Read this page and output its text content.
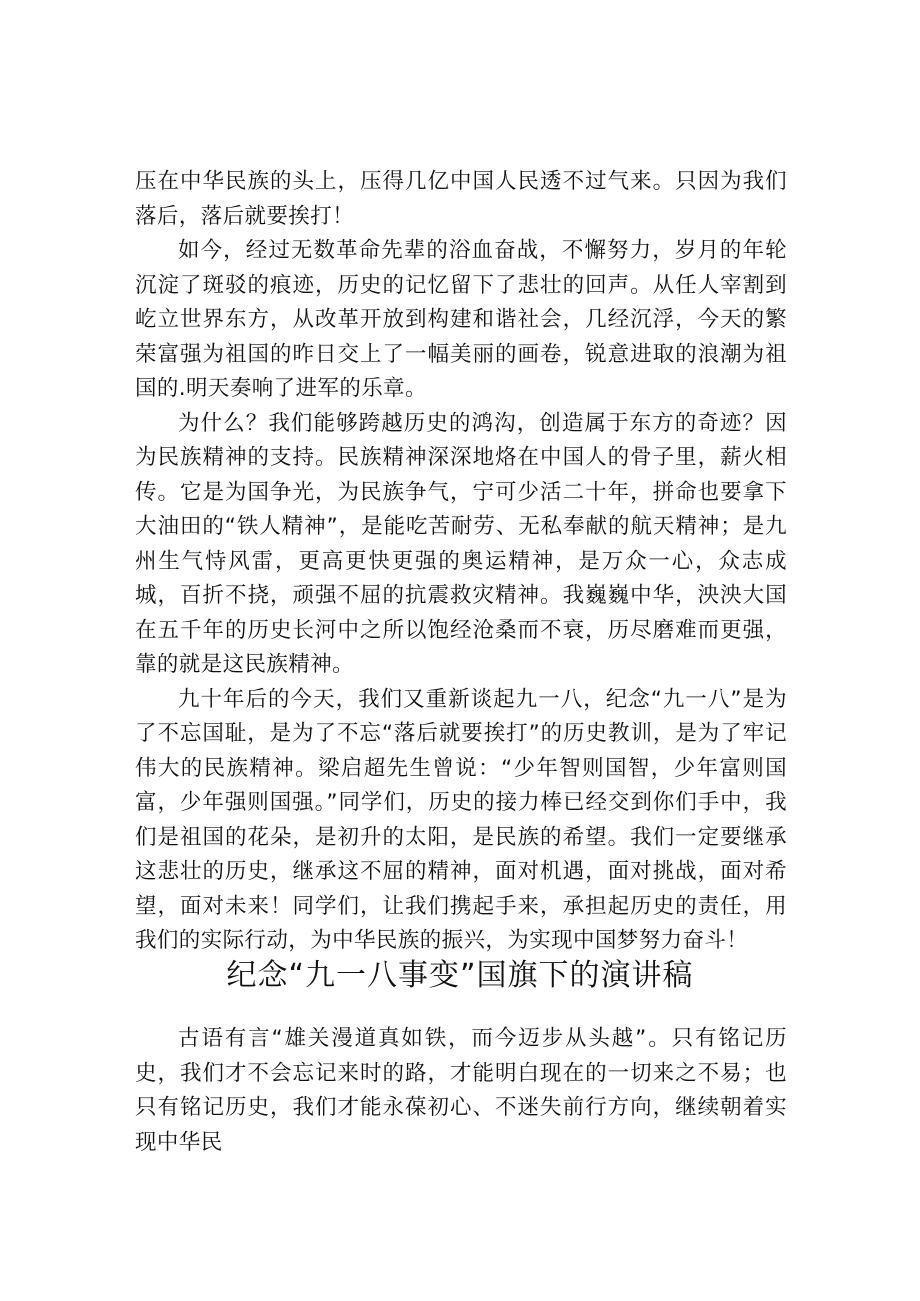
压在中华民族的头上，压得几亿中国人民透不过气来。只因为我们落后，落后就要挨打！

如今，经过无数革命先辈的浴血奋战，不懈努力，岁月的年轮沉淀了斑驳的痕迹，历史的记忆留下了悲壮的回声。从任人宰割到屹立世界东方，从改革开放到构建和谐社会，几经沉浮，今天的繁荣富强为祖国的昨日交上了一幅美丽的画卷，锐意进取的浪潮为祖国的.明天奏响了进军的乐章。

为什么？我们能够跨越历史的鸿沟，创造属于东方的奇迹？因为民族精神的支持。民族精神深深地烙在中国人的骨子里，薪火相传。它是为国争光，为民族争气，宁可少活二十年，拼命也要拿下大油田的“铁人精神”，是能吃苦耐劳、无私奉献的航天精神；是九州生气恃风雷，更高更快更强的奥运精神，是万众一心，众志成城，百折不挠，顽强不屈的抗震救灾精神。我巍巍中华，泱泱大国在五千年的历史长河中之所以饱经沧桑而不衰，历尽磨难而更强，靠的就是这民族精神。

九十年后的今天，我们又重新谈起九一八，纪念“九一八”是为了不忘国耻，是为了不忘“落后就要挨打”的历史教训，是为了牢记伟大的民族精神。梁启超先生曾说：“少年智则国智，少年富则国富，少年强则国强。”同学们，历史的接力棒已经交到你们手中，我们是祖国的花朵，是初升的太阳，是民族的希望。我们一定要继承这悲壮的历史，继承这不屈的精神，面对机遇，面对挑战，面对希望，面对未来！同学们，让我们携起手来，承担起历史的责任，用我们的实际行动，为中华民族的振兴，为实现中国梦努力奋斗！

纪念“九一八事变”国旗下的演讲稿

古语有言“雄关漫道真如铁，而今迈步从头越”。只有铭记历史，我们才不会忘记来时的路，才能明白现在的一切来之不易；也只有铭记历史，我们才能永葆初心、不迷失前行方向，继续朝着实现中华民
